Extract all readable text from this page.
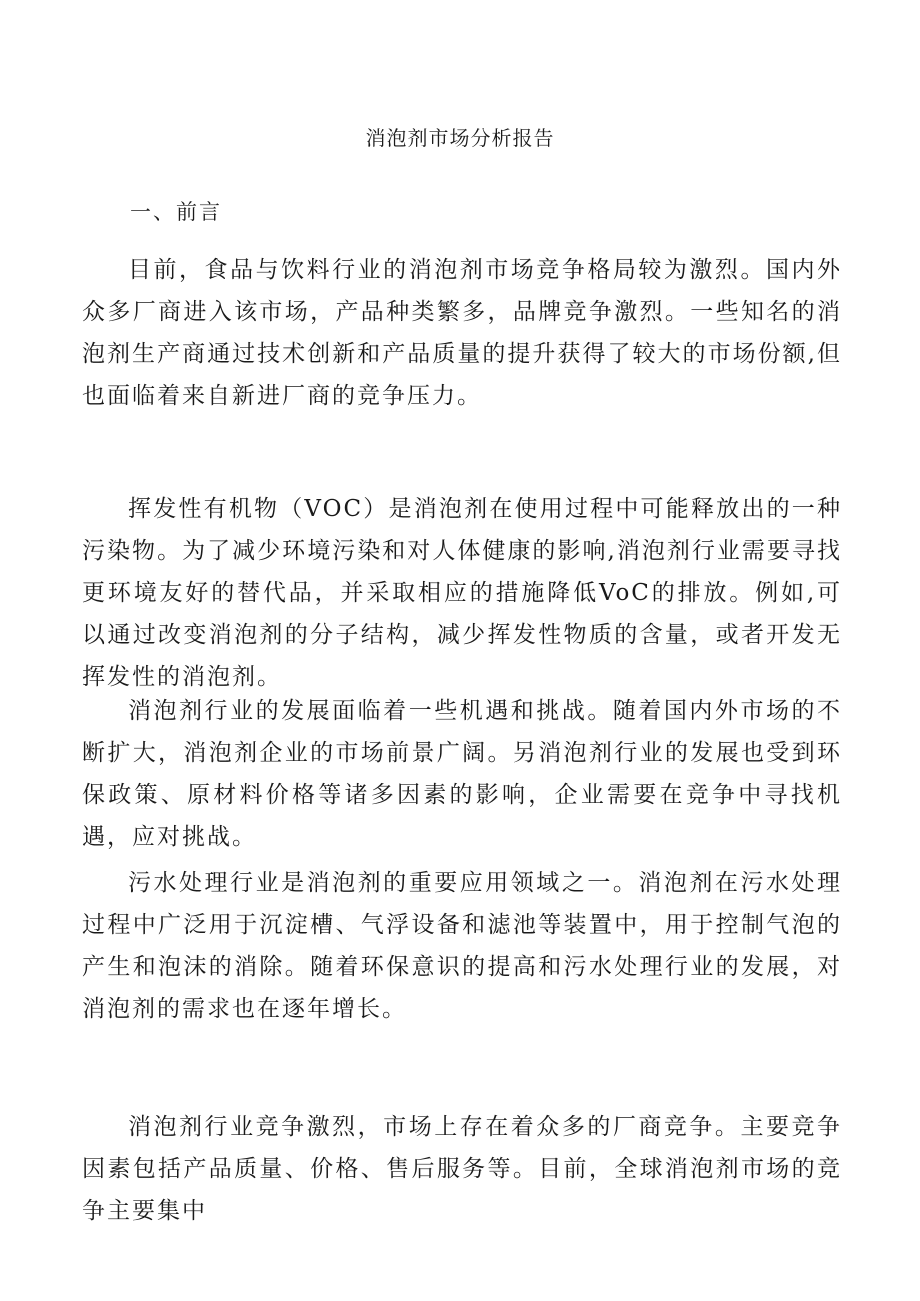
消泡剂市场分析报告
一、前言

目前，食品与饮料行业的消泡剂市场竞争格局较为激烈。国内外众多厂商进入该市场，产品种类繁多，品牌竞争激烈。一些知名的消泡剂生产商通过技术创新和产品质量的提升获得了较大的市场份额,但也面临着来自新进厂商的竞争压力。

挥发性有机物（VOC）是消泡剂在使用过程中可能释放出的一种污染物。为了减少环境污染和对人体健康的影响,消泡剂行业需要寻找更环境友好的替代品，并采取相应的措施降低VoC的排放。例如,可以通过改变消泡剂的分子结构，减少挥发性物质的含量，或者开发无挥发性的消泡剂。

消泡剂行业的发展面临着一些机遇和挑战。随着国内外市场的不断扩大，消泡剂企业的市场前景广阔。另消泡剂行业的发展也受到环保政策、原材料价格等诸多因素的影响，企业需要在竞争中寻找机遇，应对挑战。

污水处理行业是消泡剂的重要应用领域之一。消泡剂在污水处理过程中广泛用于沉淀槽、气浮设备和滤池等装置中，用于控制气泡的产生和泡沫的消除。随着环保意识的提高和污水处理行业的发展，对消泡剂的需求也在逐年增长。

消泡剂行业竞争激烈，市场上存在着众多的厂商竞争。主要竞争因素包括产品质量、价格、售后服务等。目前，全球消泡剂市场的竞争主要集中
